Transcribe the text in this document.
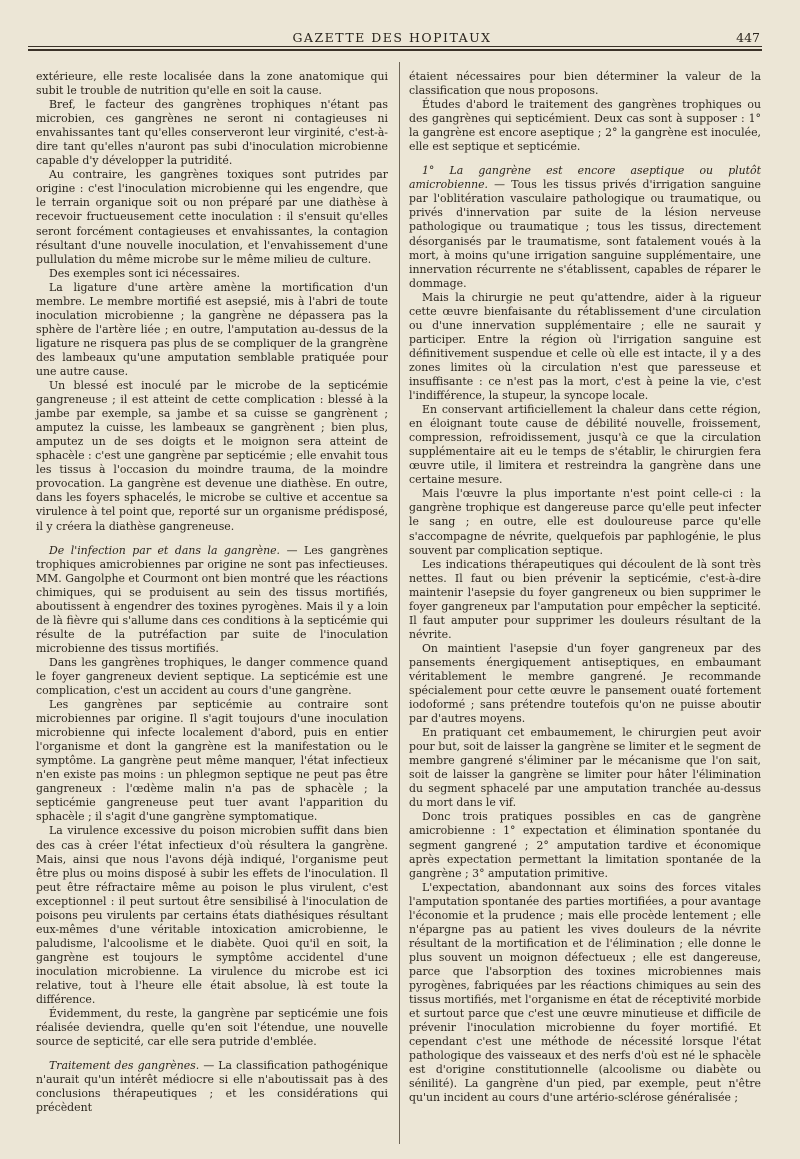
GAZETTE DES HOPITAUX	447

extérieure, elle reste localisée dans la zone anatomique qui subit le trouble de nutrition qu'elle en soit la cause.

Bref, le facteur des gangrènes trophiques n'étant pas microbien, ces gangrènes ne seront ni contagieuses ni envahissantes tant qu'elles conserveront leur virginité, c'est-à-dire tant qu'elles n'auront pas subi d'inoculation microbienne capable d'y développer la putridité.

Au contraire, les gangrènes toxiques sont putrides par origine : c'est l'inoculation microbienne qui les engendre, que le terrain organique soit ou non préparé par une diathèse à recevoir fructueusement cette inoculation : il s'ensuit qu'elles seront forcément contagieuses et envahissantes, la contagion résultant d'une nouvelle inoculation, et l'envahissement d'une pullulation du même microbe sur le même milieu de culture.

Des exemples sont ici nécessaires.

La ligature d'une artère amène la mortification d'un membre. Le membre mortifié est asepsié, mis à l'abri de toute inoculation microbienne ; la gangrène ne dépassera pas la sphère de l'artère liée ; en outre, l'amputation au-dessus de la ligature ne risquera pas plus de se compliquer de la grangrène des lambeaux qu'une amputation semblable pratiquée pour une autre cause.

Un blessé est inoculé par le microbe de la septicémie gangreneuse ; il est atteint de cette complication : blessé à la jambe par exemple, sa jambe et sa cuisse se gangrènent ; amputez la cuisse, les lambeaux se gangrènent ; bien plus, amputez un de ses doigts et le moignon sera atteint de sphacèle : c'est une gangrène par septicémie ; elle envahit tous les tissus à l'occasion du moindre trauma, de la moindre provocation. La gangrène est devenue une diathèse. En outre, dans les foyers sphacelés, le microbe se cultive et accentue sa virulence à tel point que, reporté sur un organisme prédisposé, il y créera la diathèse gangreneuse.

De l'infection par et dans la gangrène. — Les gangrènes trophiques amicrobiennes par origine ne sont pas infectieuses. MM. Gangolphe et Courmont ont bien montré que les réactions chimiques, qui se produisent au sein des tissus mortifiés, aboutissent à engendrer des toxines pyrogènes. Mais il y a loin de là fièvre qui s'allume dans ces conditions à la septicémie qui résulte de la putréfaction par suite de l'inoculation microbienne des tissus mortifiés.

Dans les gangrènes trophiques, le danger commence quand le foyer gangreneux devient septique. La septicémie est une complication, c'est un accident au cours d'une gangrène.

Les gangrènes par septicémie au contraire sont microbiennes par origine. Il s'agit toujours d'une inoculation microbienne qui infecte localement d'abord, puis en entier l'organisme et dont la gangrène est la manifestation ou le symptôme. La gangrène peut même manquer, l'état infectieux n'en existe pas moins : un phlegmon septique ne peut pas être gangreneux : l'œdème malin n'a pas de sphacèle ; la septicémie gangreneuse peut tuer avant l'apparition du sphacèle ; il s'agit d'une gangrène symptomatique.

La virulence excessive du poison microbien suffit dans bien des cas à créer l'état infectieux d'où résultera la gangrène. Mais, ainsi que nous l'avons déjà indiqué, l'organisme peut être plus ou moins disposé à subir les effets de l'inoculation. Il peut être réfractaire même au poison le plus virulent, c'est exceptionnel : il peut surtout être sensibilisé à l'inoculation de poisons peu virulents par certains états diathésiques résultant eux-mêmes d'une véritable intoxication amicrobienne, le paludisme, l'alcoolisme et le diabète. Quoi qu'il en soit, la gangrène est toujours le symptôme accidentel d'une inoculation microbienne. La virulence du microbe est ici relative, tout à l'heure elle était absolue, là est toute la différence.

Évidemment, du reste, la gangrène par septicémie une fois réalisée deviendra, quelle qu'en soit l'étendue, une nouvelle source de septicité, car elle sera putride d'emblée.

Traitement des gangrènes. — La classification pathogénique n'aurait qu'un intérêt médiocre si elle n'aboutissait pas à des conclusions thérapeutiques ; et les considérations qui précèdent

étaient nécessaires pour bien déterminer la valeur de la classification que nous proposons.

Études d'abord le traitement des gangrènes trophiques ou des gangrènes qui septicémient. Deux cas sont à supposer : 1° la gangrène est encore aseptique ; 2° la gangrène est inoculée, elle est septique et septicémie.

1° La gangrène est encore aseptique ou plutôt amicrobienne. — Tous les tissus privés d'irrigation sanguine par l'oblitération vasculaire pathologique ou traumatique, ou privés d'innervation par suite de la lésion nerveuse pathologique ou traumatique ; tous les tissus, directement désorganisés par le traumatisme, sont fatalement voués à la mort, à moins qu'une irrigation sanguine supplémentaire, une innervation récurrente ne s'établissent, capables de réparer le dommage.

Mais la chirurgie ne peut qu'attendre, aider à la rigueur cette œuvre bienfaisante du rétablissement d'une circulation ou d'une innervation supplémentaire ; elle ne saurait y participer. Entre la région où l'irrigation sanguine est définitivement suspendue et celle où elle est intacte, il y a des zones limites où la circulation n'est que paresseuse et insuffisante : ce n'est pas la mort, c'est à peine la vie, c'est l'indifférence, la stupeur, la syncope locale.

En conservant artificiellement la chaleur dans cette région, en éloignant toute cause de débilité nouvelle, froissement, compression, refroidissement, jusqu'à ce que la circulation supplémentaire ait eu le temps de s'établir, le chirurgien fera œuvre utile, il limitera et restreindra la gangrène dans une certaine mesure.

Mais l'œuvre la plus importante n'est point celle-ci : la gangrène trophique est dangereuse parce qu'elle peut infecter le sang ; en outre, elle est douloureuse parce qu'elle s'accompagne de névrite, quelquefois par paphlogénie, le plus souvent par complication septique.

Les indications thérapeutiques qui découlent de là sont très nettes. Il faut ou bien prévenir la septicémie, c'est-à-dire maintenir l'asepsie du foyer gangreneux ou bien supprimer le foyer gangreneux par l'amputation pour empêcher la septicité. Il faut amputer pour supprimer les douleurs résultant de la névrite.

On maintient l'asepsie d'un foyer gangreneux par des pansements énergiquement antiseptiques, en embaumant véritablement le membre gangrené. Je recommande spécialement pour cette œuvre le pansement ouaté fortement iodoformé ; sans prétendre toutefois qu'on ne puisse aboutir par d'autres moyens.

En pratiquant cet embaumement, le chirurgien peut avoir pour but, soit de laisser la gangrène se limiter et le segment de membre gangrené s'éliminer par le mécanisme que l'on sait, soit de laisser la gangrène se limiter pour hâter l'élimination du segment sphacelé par une amputation tranchée au-dessus du mort dans le vif.

Donc trois pratiques possibles en cas de gangrène amicrobienne : 1° expectation et élimination spontanée du segment gangrené ; 2° amputation tardive et économique après expectation permettant la limitation spontanée de la gangrène ; 3° amputation primitive.

L'expectation, abandonnant aux soins des forces vitales l'amputation spontanée des parties mortifiées, a pour avantage l'économie et la prudence ; mais elle procède lentement ; elle n'épargne pas au patient les vives douleurs de la névrite résultant de la mortification et de l'élimination ; elle donne le plus souvent un moignon défectueux ; elle est dangereuse, parce que l'absorption des toxines microbiennes mais pyrogènes, fabriquées par les réactions chimiques au sein des tissus mortifiés, met l'organisme en état de réceptivité morbide et surtout parce que c'est une œuvre minutieuse et difficile de prévenir l'inoculation microbienne du foyer mortifié. Et cependant c'est une méthode de nécessité lorsque l'état pathologique des vaisseaux et des nerfs d'où est né le sphacèle est d'origine constitutionnelle (alcoolisme ou diabète ou sénilité). La gangrène d'un pied, par exemple, peut n'être qu'un incident au cours d'une artério-sclérose généralisée ;
